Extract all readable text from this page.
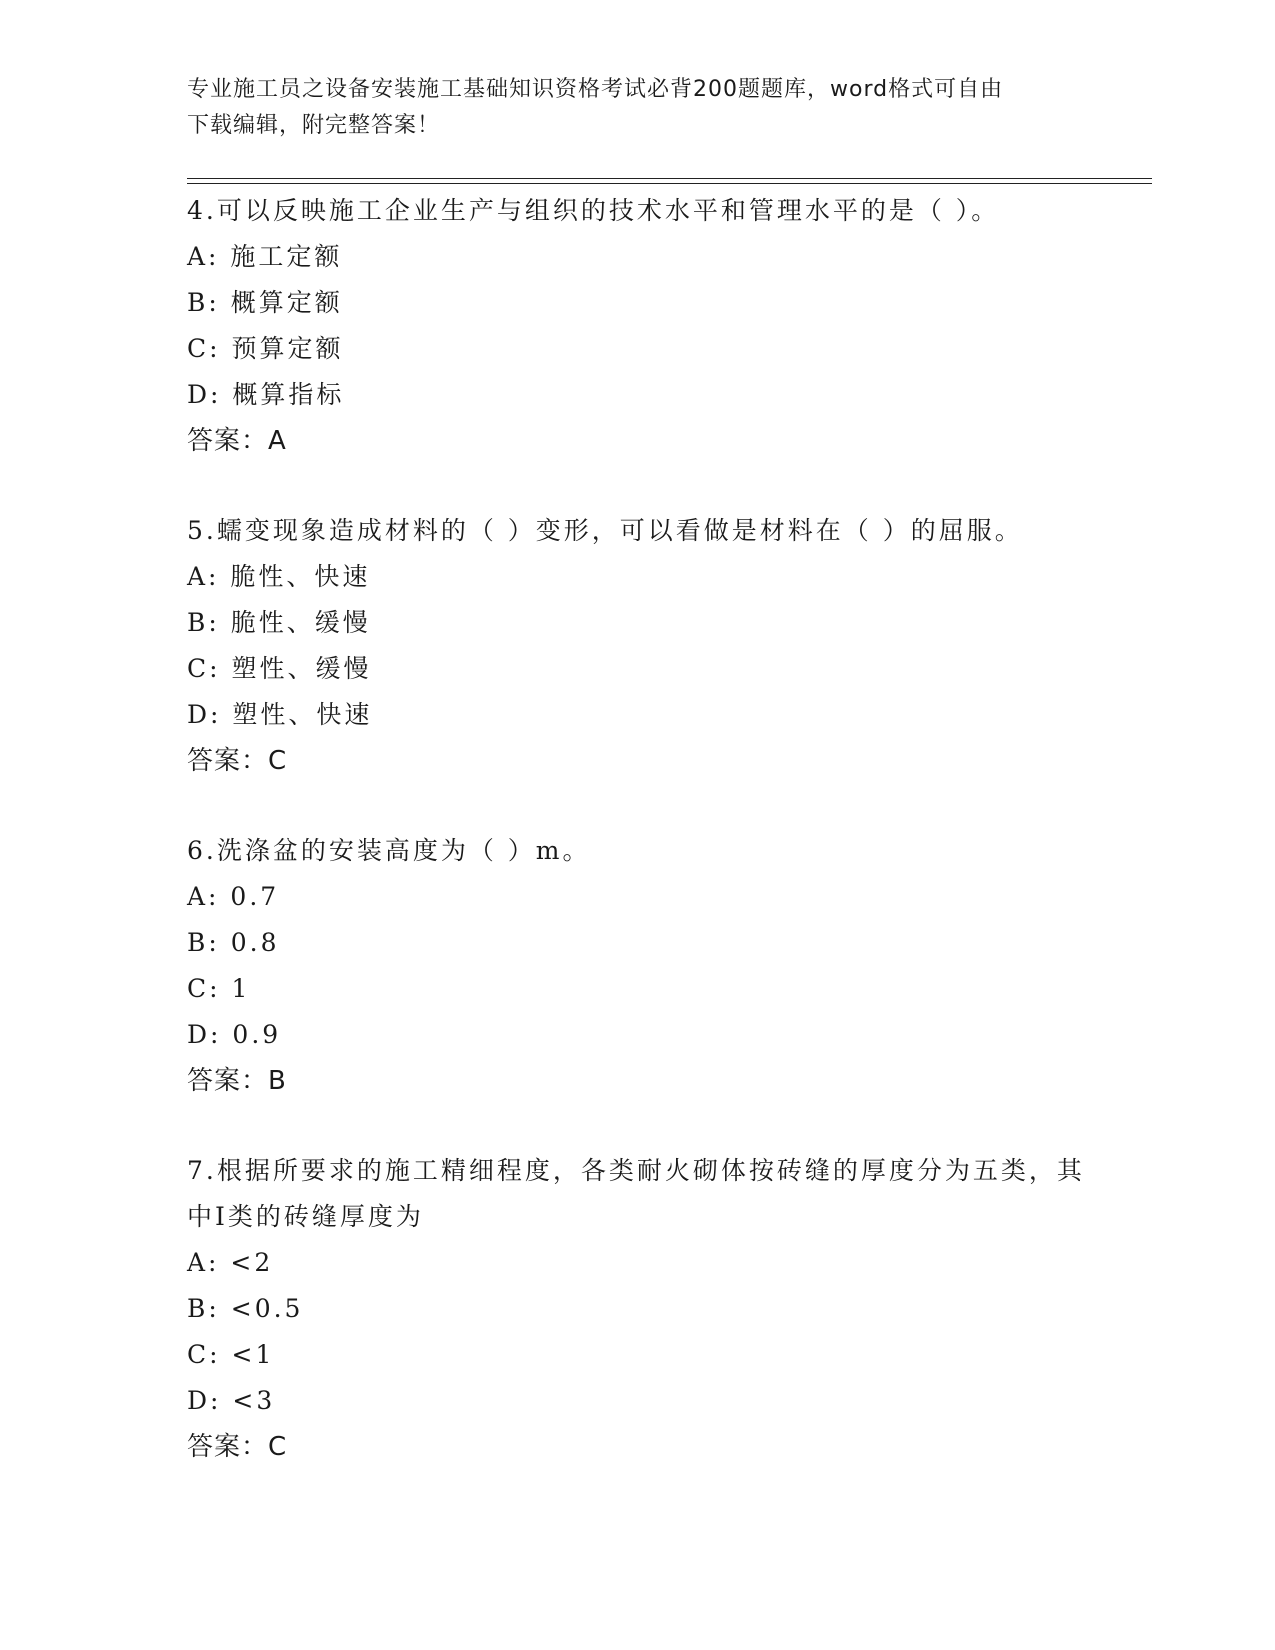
专业施工员之设备安装施工基础知识资格考试必背200题题库，word格式可自由
下载编辑，附完整答案！
4.可以反映施工企业生产与组织的技术水平和管理水平的是（ ）。
A: 施工定额
B: 概算定额
C: 预算定额
D: 概算指标
答案：A
5.蠕变现象造成材料的（ ）变形，可以看做是材料在（ ）的屈服。
A: 脆性、快速
B: 脆性、缓慢
C: 塑性、缓慢
D: 塑性、快速
答案：C
6.洗涤盆的安装高度为（ ）m。
A: 0.7
B: 0.8
C: 1
D: 0.9
答案：B
7.根据所要求的施工精细程度，各类耐火砌体按砖缝的厚度分为五类，其中Ⅰ类的砖缝厚度为
A: <2
B: <0.5
C: <1
D: <3
答案：C
